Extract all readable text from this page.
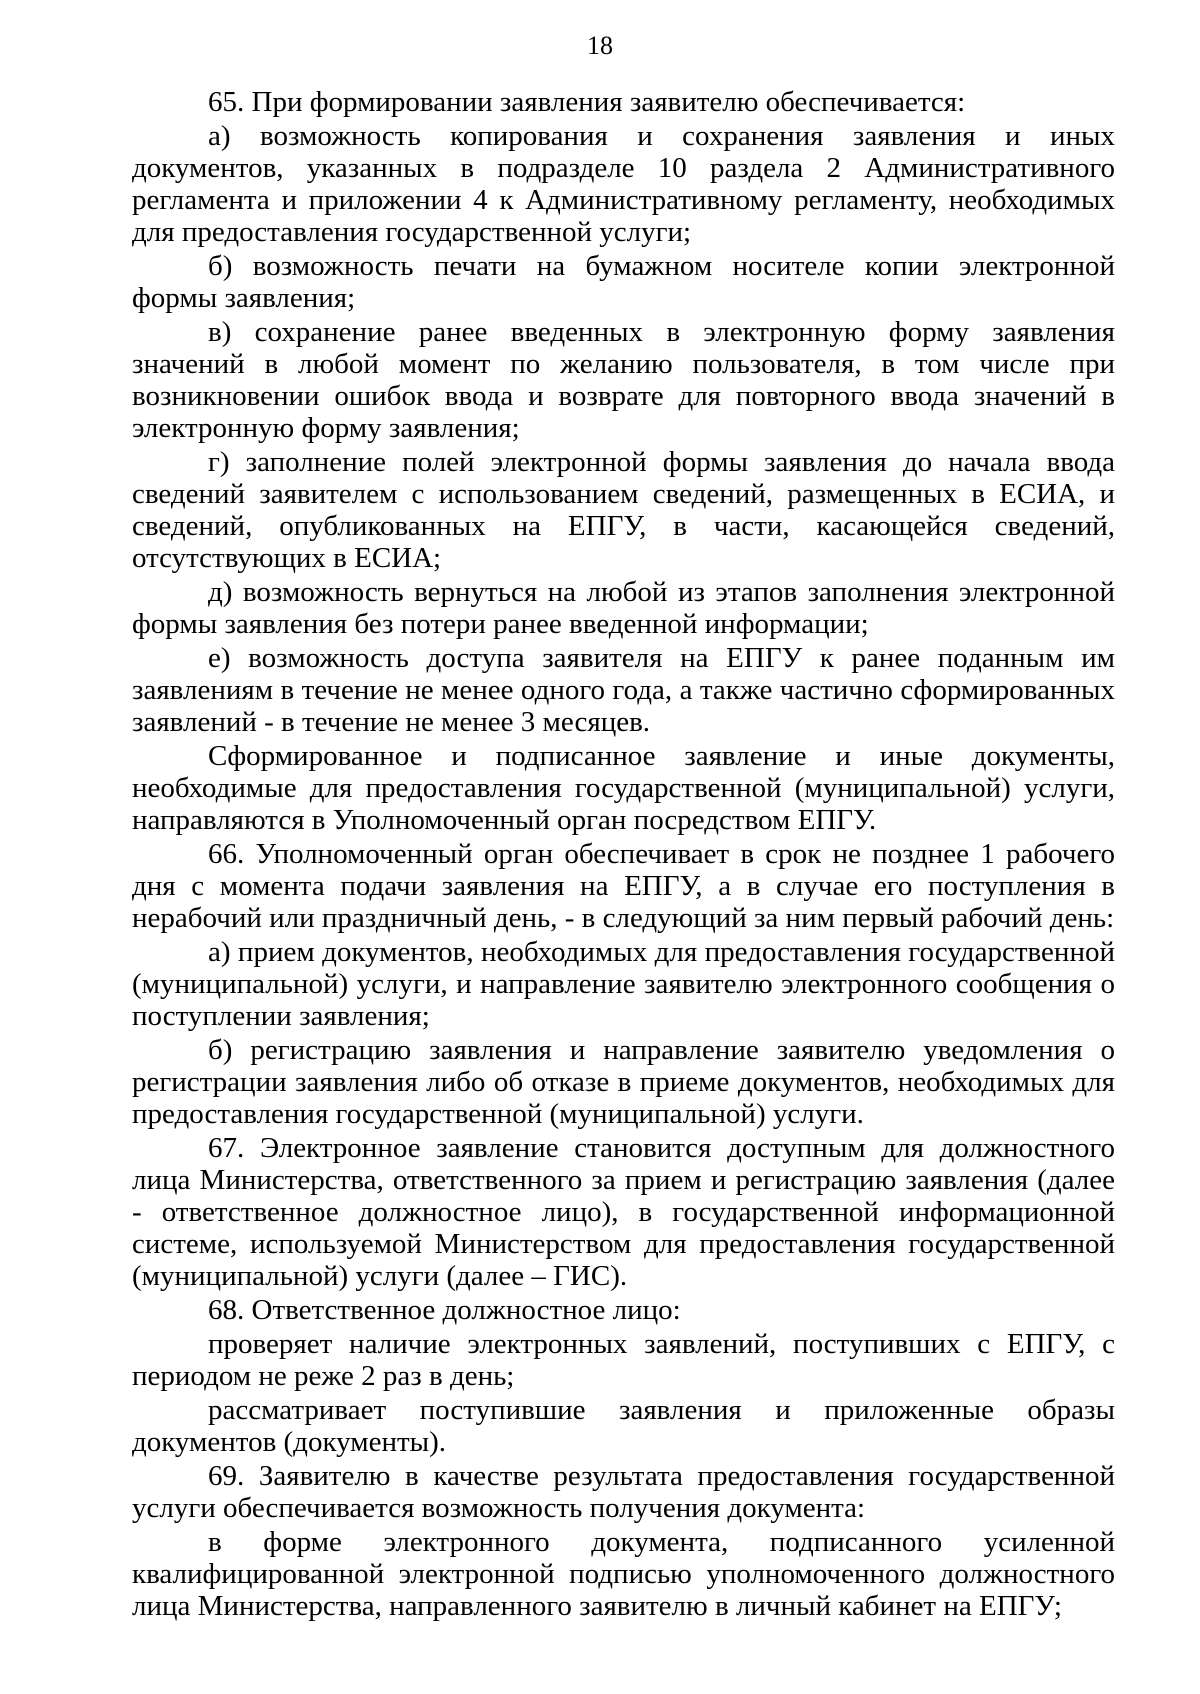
18

65. При формировании заявления заявителю обеспечивается:

а) возможность копирования и сохранения заявления и иных документов, указанных в подразделе 10 раздела 2 Административного регламента и приложении 4 к Административному регламенту, необходимых для предоставления государственной услуги;

б) возможность печати на бумажном носителе копии электронной формы заявления;

в) сохранение ранее введенных в электронную форму заявления значений в любой момент по желанию пользователя, в том числе при возникновении ошибок ввода и возврате для повторного ввода значений в электронную форму заявления;

г) заполнение полей электронной формы заявления до начала ввода сведений заявителем с использованием сведений, размещенных в ЕСИА, и сведений, опубликованных на ЕПГУ, в части, касающейся сведений, отсутствующих в ЕСИА;

д) возможность вернуться на любой из этапов заполнения электронной формы заявления без потери ранее введенной информации;

е) возможность доступа заявителя на ЕПГУ к ранее поданным им заявлениям в течение не менее одного года, а также частично сформированных заявлений - в течение не менее 3 месяцев.

Сформированное и подписанное заявление и иные документы, необходимые для предоставления государственной (муниципальной) услуги, направляются в Уполномоченный орган посредством ЕПГУ.

66. Уполномоченный орган обеспечивает в срок не позднее 1 рабочего дня с момента подачи заявления на ЕПГУ, а в случае его поступления в нерабочий или праздничный день, - в следующий за ним первый рабочий день:

а) прием документов, необходимых для предоставления государственной (муниципальной) услуги, и направление заявителю электронного сообщения о поступлении заявления;

б) регистрацию заявления и направление заявителю уведомления о регистрации заявления либо об отказе в приеме документов, необходимых для предоставления государственной (муниципальной) услуги.

67. Электронное заявление становится доступным для должностного лица Министерства, ответственного за прием и регистрацию заявления (далее - ответственное должностное лицо), в государственной информационной системе, используемой Министерством для предоставления государственной (муниципальной) услуги (далее – ГИС).

68. Ответственное должностное лицо:

проверяет наличие электронных заявлений, поступивших с ЕПГУ, с периодом не реже 2 раз в день;

рассматривает поступившие заявления и приложенные образы документов (документы).

69. Заявителю в качестве результата предоставления государственной услуги обеспечивается возможность получения документа:

в форме электронного документа, подписанного усиленной квалифицированной электронной подписью уполномоченного должностного лица Министерства, направленного заявителю в личный кабинет на ЕПГУ;
